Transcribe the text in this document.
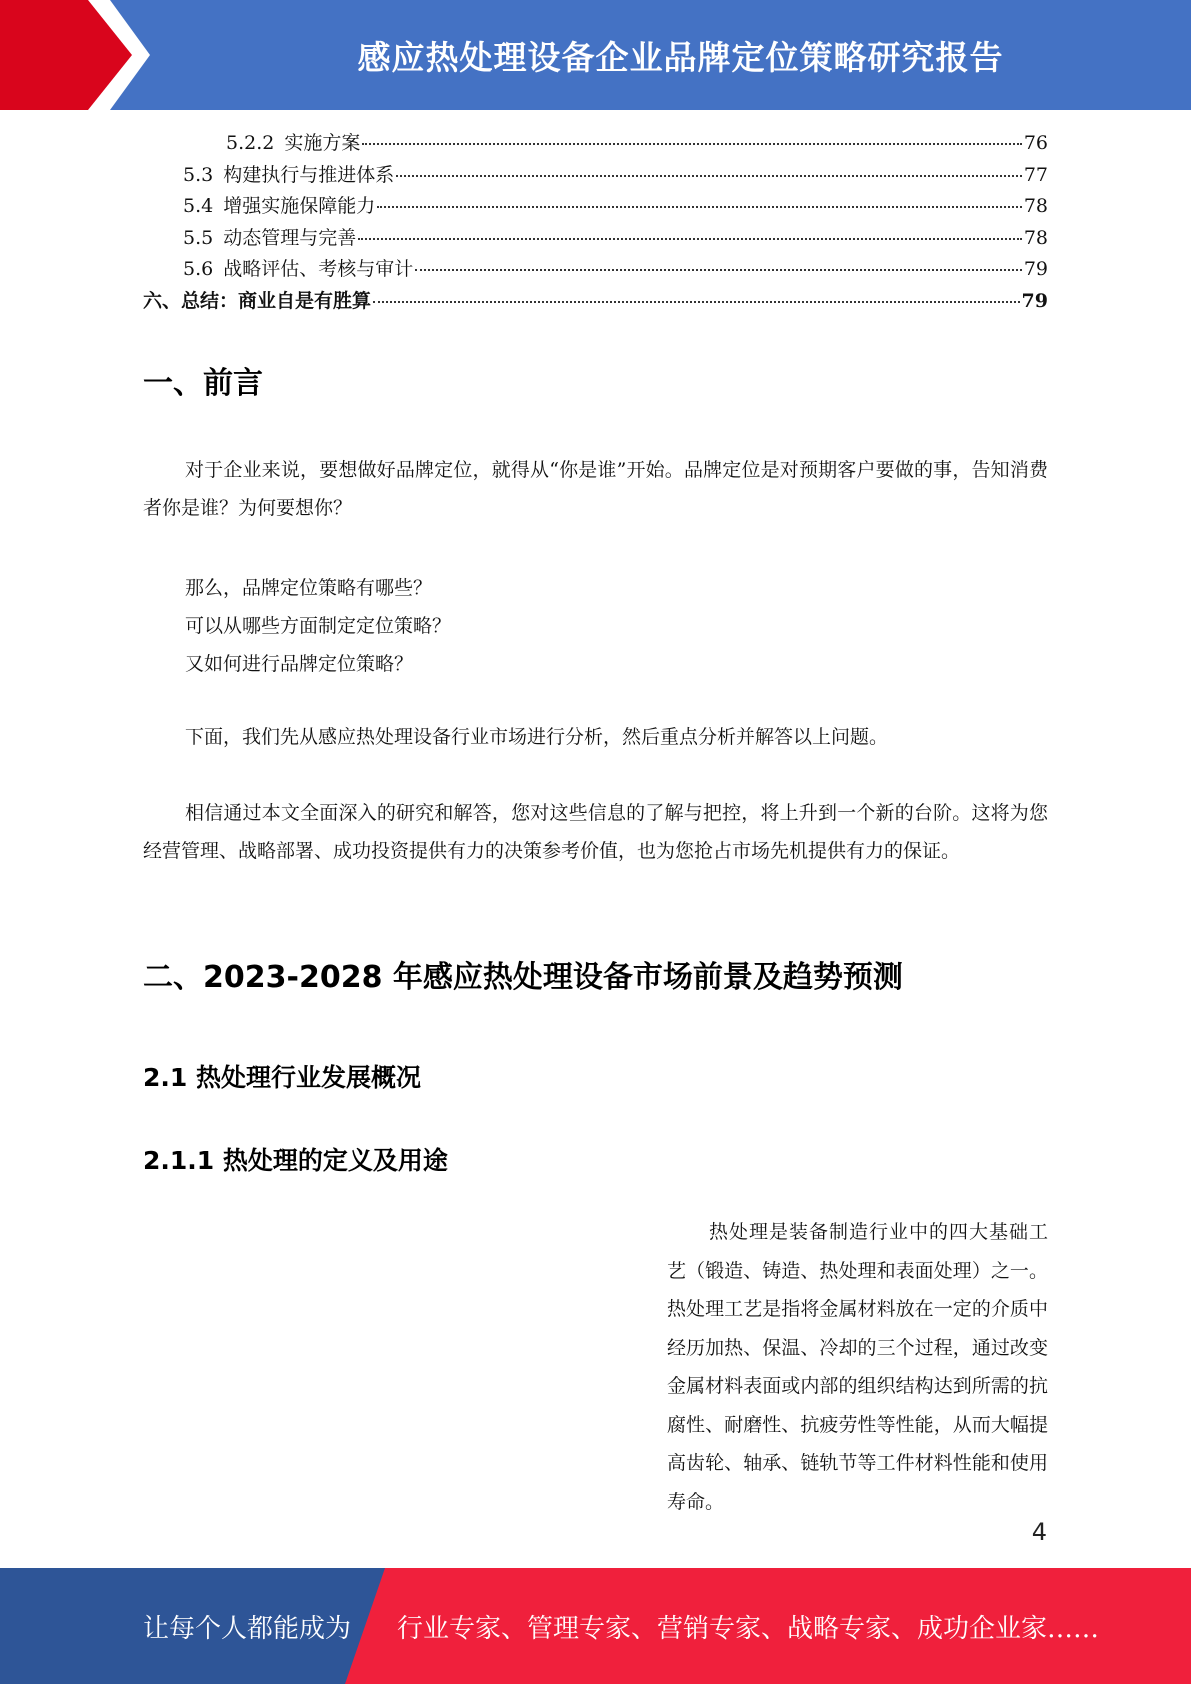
感应热处理设备企业品牌定位策略研究报告
5.2.2 实施方案	76
5.3 构建执行与推进体系	77
5.4 增强实施保障能力	78
5.5 动态管理与完善	78
5.6 战略评估、考核与审计	79
六、总结：商业自是有胜算	79
一、前言

对于企业来说，要想做好品牌定位，就得从“你是谁”开始。品牌定位是对预期客户要做的事，告知消费者你是谁？为何要想你？

那么，品牌定位策略有哪些？

可以从哪些方面制定定位策略？

又如何进行品牌定位策略？

下面，我们先从感应热处理设备行业市场进行分析，然后重点分析并解答以上问题。

相信通过本文全面深入的研究和解答，您对这些信息的了解与把控，将上升到一个新的台阶。这将为您经营管理、战略部署、成功投资提供有力的决策参考价值，也为您抢占市场先机提供有力的保证。

二、2023-2028 年感应热处理设备市场前景及趋势预测
2.1 热处理行业发展概况
2.1.1 热处理的定义及用途

热处理是装备制造行业中的四大基础工艺（锻造、铸造、热处理和表面处理）之一。热处理工艺是指将金属材料放在一定的介质中经历加热、保温、冷却的三个过程，通过改变金属材料表面或内部的组织结构达到所需的抗腐性、耐磨性、抗疲劳性等性能，从而大幅提高齿轮、轴承、链轨节等工件材料性能和使用寿命。

4
让每个人都能成为 行业专家、管理专家、营销专家、战略专家、成功企业家……
